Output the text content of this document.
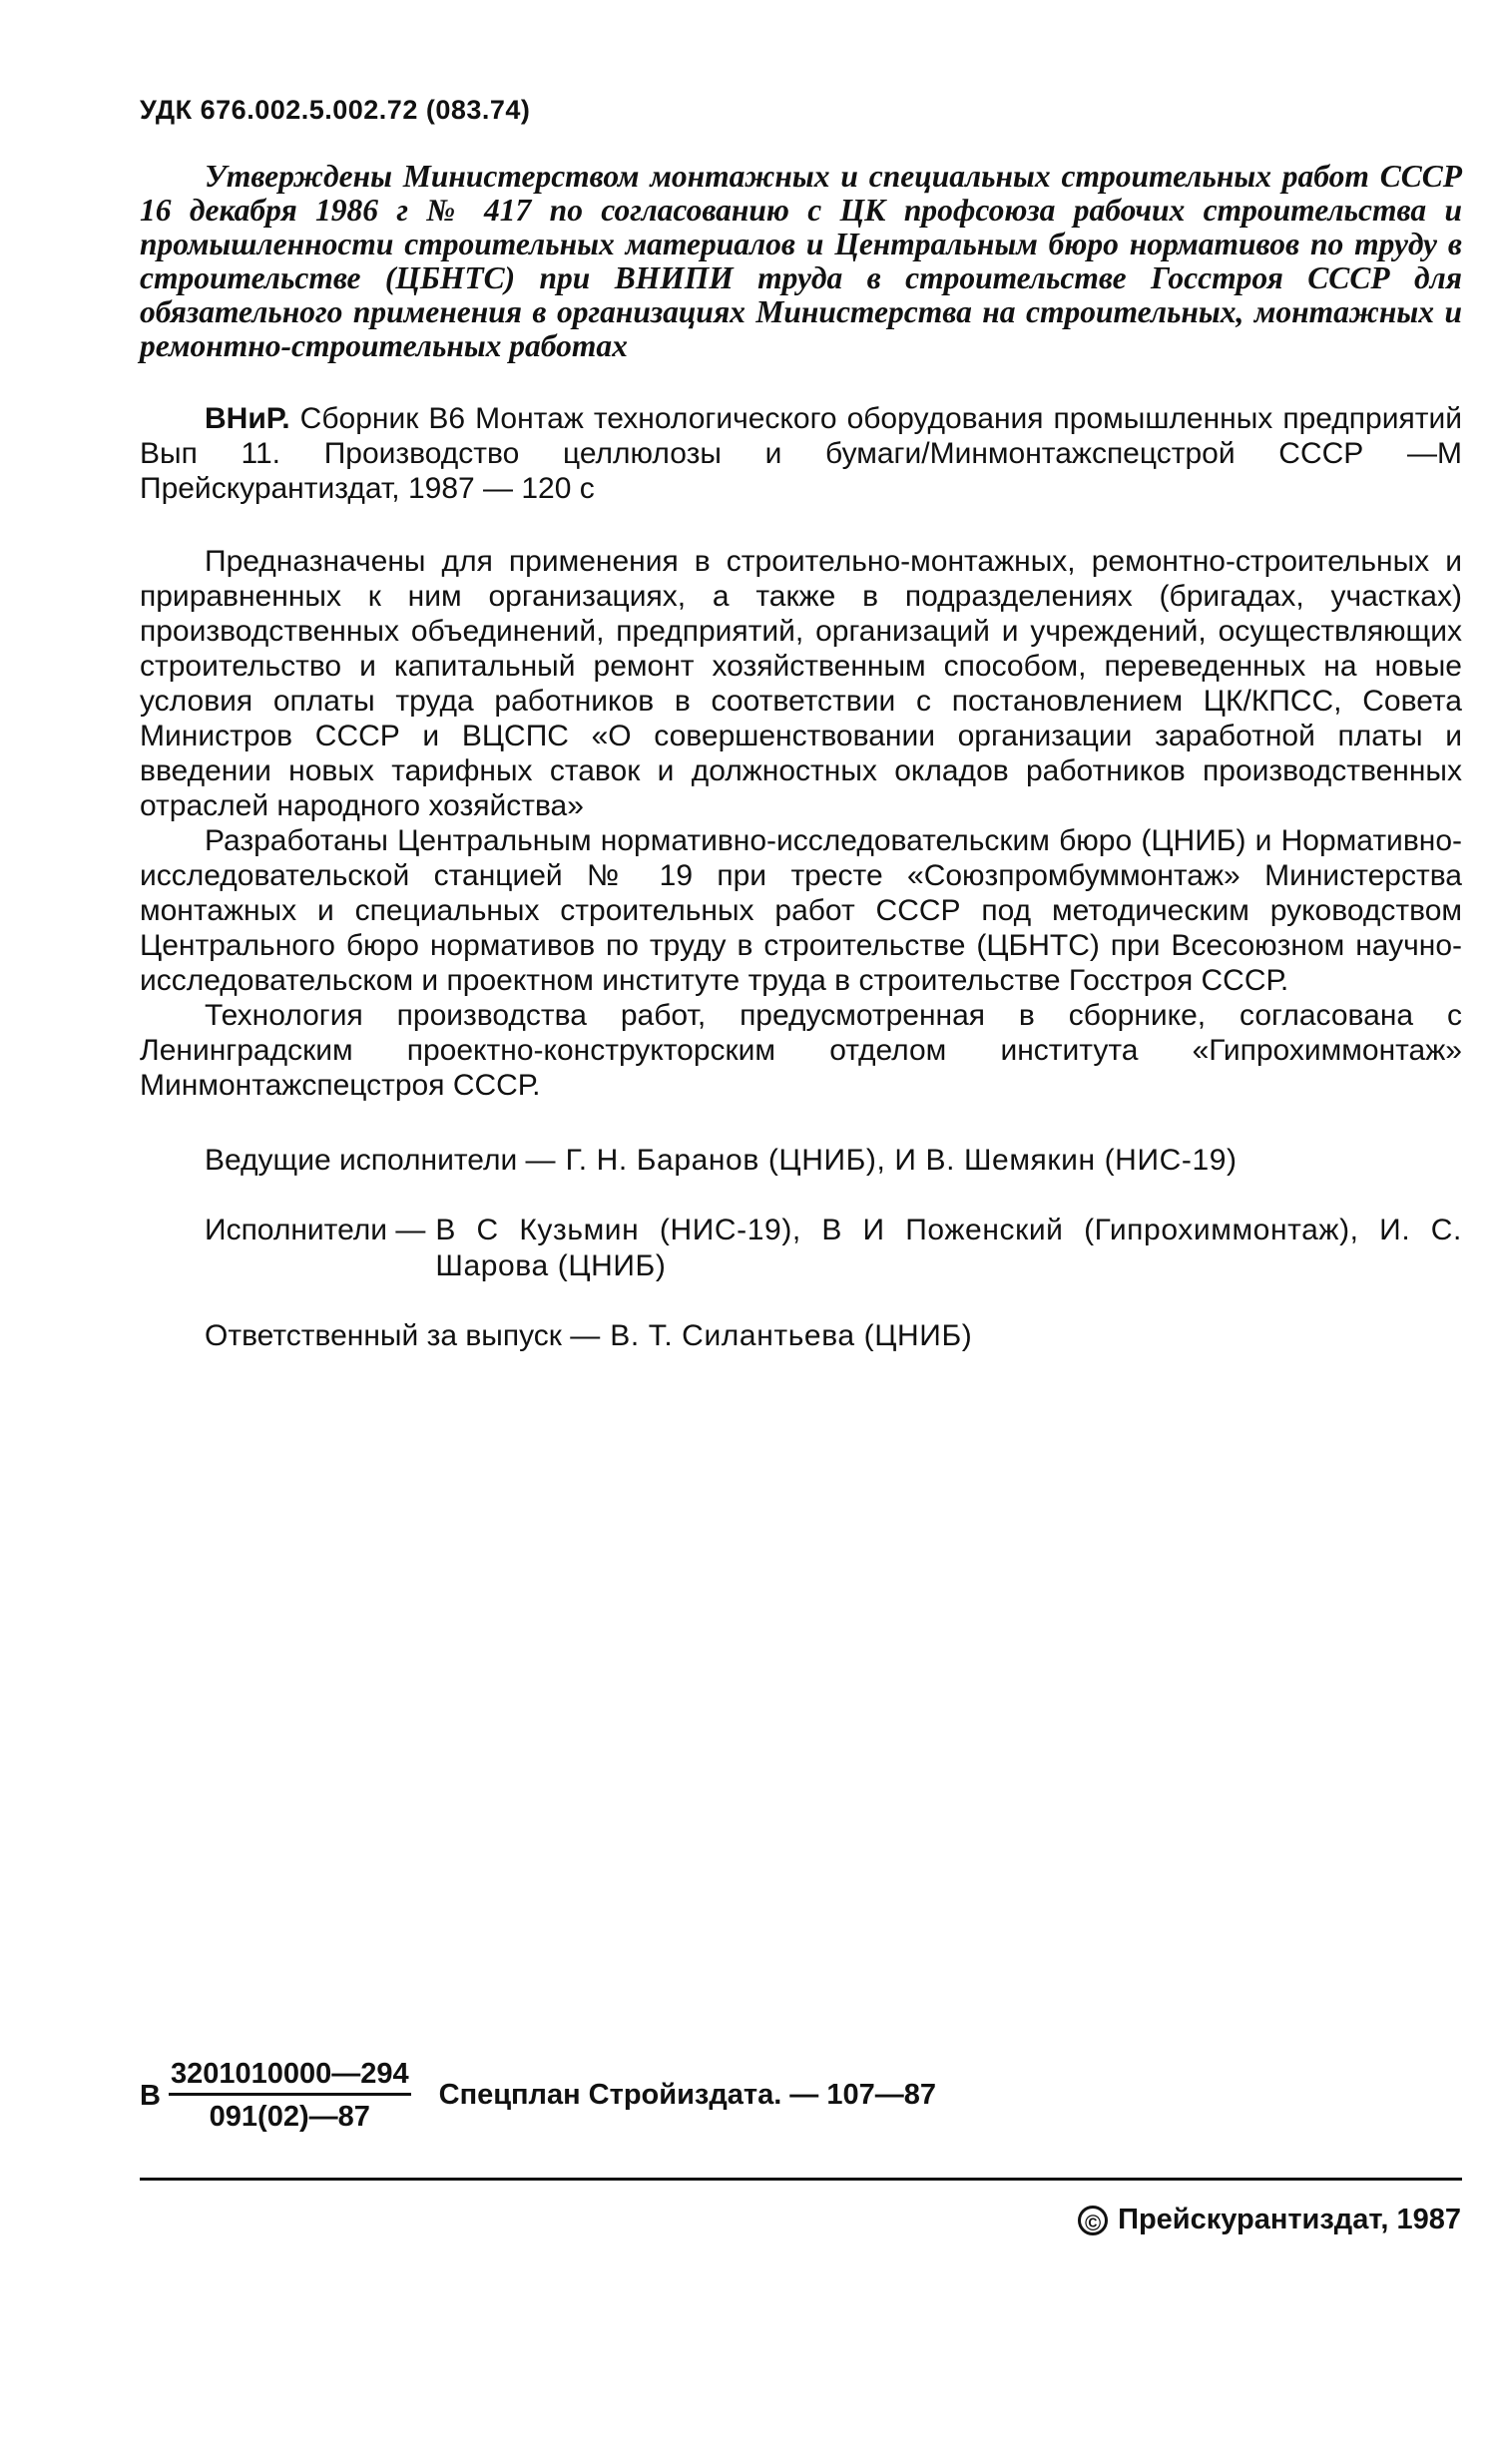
УДК 676.002.5.002.72 (083.74)

Утверждены Министерством монтажных и специальных строительных работ СССР 16 декабря 1986 г № 417 по согласованию с ЦК профсоюза рабочих строительства и промышленности строительных материалов и Центральным бюро нормативов по труду в строительстве (ЦБНТС) при ВНИПИ труда в строительстве Госстроя СССР для обязательного применения в организациях Министерства на строительных, монтажных и ремонтно-строительных работах

ВНиР. Сборник В6 Монтаж технологического оборудования промышленных предприятий Вып 11. Производство целлюлозы и бумаги/Минмонтажспецстрой СССР —М Прейскурантиздат, 1987 — 120 с

Предназначены для применения в строительно-монтажных, ремонтно-строительных и приравненных к ним организациях, а также в подразделениях (бригадах, участках) производственных объединений, предприятий, организаций и учреждений, осуществляющих строительство и капитальный ремонт хозяйственным способом, переведенных на новые условия оплаты труда работников в соответствии с постановлением ЦК/КПСС, Совета Министров СССР и ВЦСПС «О совершенствовании организации заработной платы и введении новых тарифных ставок и должностных окладов работников производственных отраслей народного хозяйства»

Разработаны Центральным нормативно-исследовательским бюро (ЦНИБ) и Нормативно-исследовательской станцией № 19 при тресте «Союзпромбуммонтаж» Министерства монтажных и специальных строительных работ СССР под методическим руководством Центрального бюро нормативов по труду в строительстве (ЦБНТС) при Всесоюзном научно-исследовательском и проектном институте труда в строительстве Госстроя СССР.

Технология производства работ, предусмотренная в сборнике, согласована с Ленинградским проектно-конструкторским отделом института «Гипрохиммонтаж» Минмонтажспецстроя СССР.

Ведущие исполнители — Г. Н. Баранов (ЦНИБ), И В. Шемякин (НИС-19)
Исполнители — В С Кузьмин (НИС-19), В И Поженский (Гипрохиммонтаж), И. С. Шарова (ЦНИБ)
Ответственный за выпуск — В. Т. Силантьева (ЦНИБ)
В $\frac{3201010000—294}{091(02)—87}$ Спецплан Стройиздата. — 107—87
© Прейскурантиздат, 1987
